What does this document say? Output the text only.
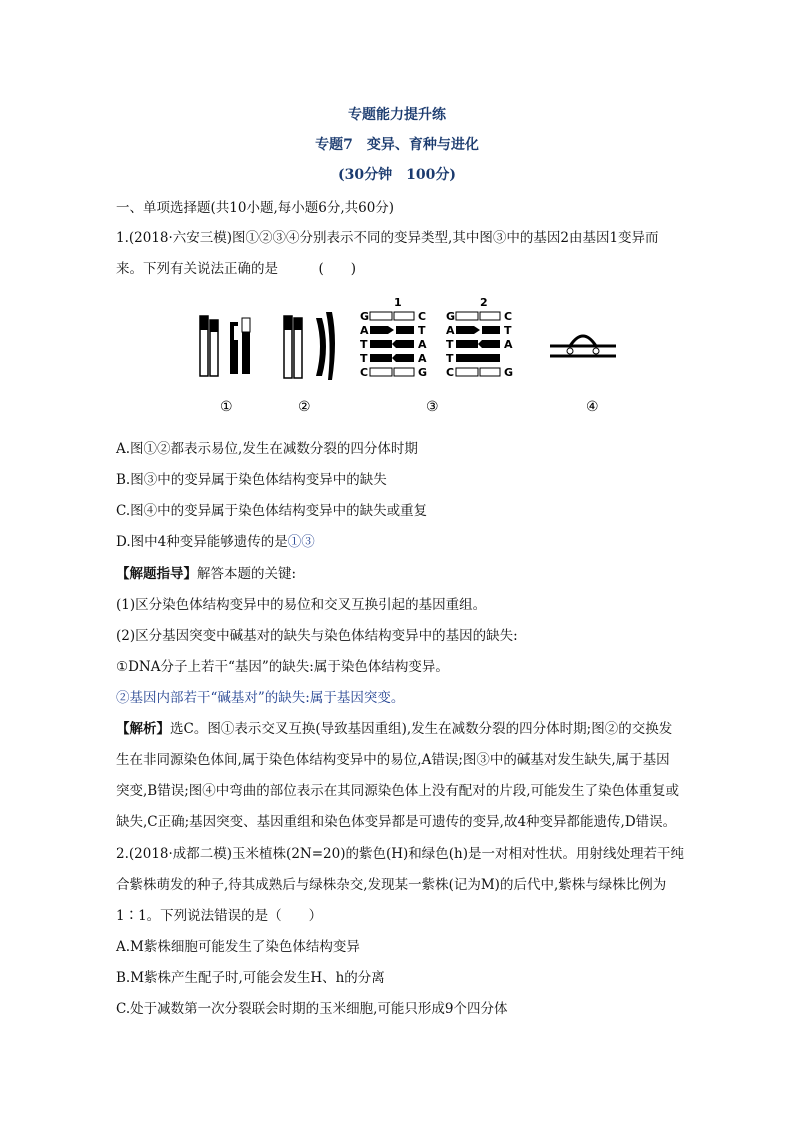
专题能力提升练
专题7　变异、育种与进化
(30分钟　100分)
一、单项选择题(共10小题,每小题6分,共60分)
1.(2018·六安三模)图①②③④分别表示不同的变异类型,其中图③中的基因2由基因1变异而
来。下列有关说法正确的是　　　(　　)
1
G
A
T
T
C
C
T
A
A
G
2
G
A
T
T
C
C
T
A
G
①	②	③	④
A.图①②都表示易位,发生在减数分裂的四分体时期
B.图③中的变异属于染色体结构变异中的缺失
C.图④中的变异属于染色体结构变异中的缺失或重复
D.图中4种变异能够遗传的是①③
【解题指导】解答本题的关键:
(1)区分染色体结构变异中的易位和交叉互换引起的基因重组。
(2)区分基因突变中碱基对的缺失与染色体结构变异中的基因的缺失:
①DNA分子上若干“基因”的缺失:属于染色体结构变异。
②基因内部若干“碱基对”的缺失:属于基因突变。
【解析】选C。图①表示交叉互换(导致基因重组),发生在减数分裂的四分体时期;图②的交换发
生在非同源染色体间,属于染色体结构变异中的易位,A错误;图③中的碱基对发生缺失,属于基因
突变,B错误;图④中弯曲的部位表示在其同源染色体上没有配对的片段,可能发生了染色体重复或
缺失,C正确;基因突变、基因重组和染色体变异都是可遗传的变异,故4种变异都能遗传,D错误。
2.(2018·成都二模)玉米植株(2N=20)的紫色(H)和绿色(h)是一对相对性状。用射线处理若干纯
合紫株萌发的种子,待其成熟后与绿株杂交,发现某一紫株(记为M)的后代中,紫株与绿株比例为
1∶1。下列说法错误的是（　　）
A.M紫株细胞可能发生了染色体结构变异
B.M紫株产生配子时,可能会发生H、h的分离
C.处于减数第一次分裂联会时期的玉米细胞,可能只形成9个四分体
